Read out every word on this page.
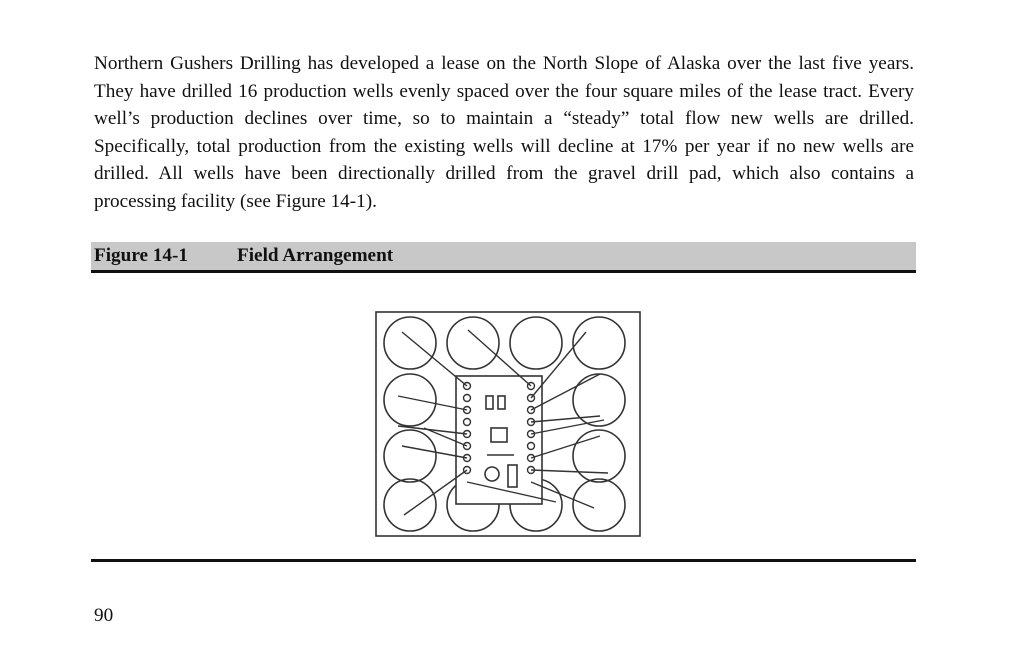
Northern Gushers Drilling has developed a lease on the North Slope of Alaska over the last five years. They have drilled 16 production wells evenly spaced over the four square miles of the lease tract. Every well’s production declines over time, so to maintain a “steady” total flow new wells are drilled. Specifically, total production from the existing wells will decline at 17% per year if no new wells are drilled. All wells have been directionally drilled from the gravel drill pad, which also contains a processing facility (see Figure 14-1).

Figure 14-1	Field Arrangement
90
